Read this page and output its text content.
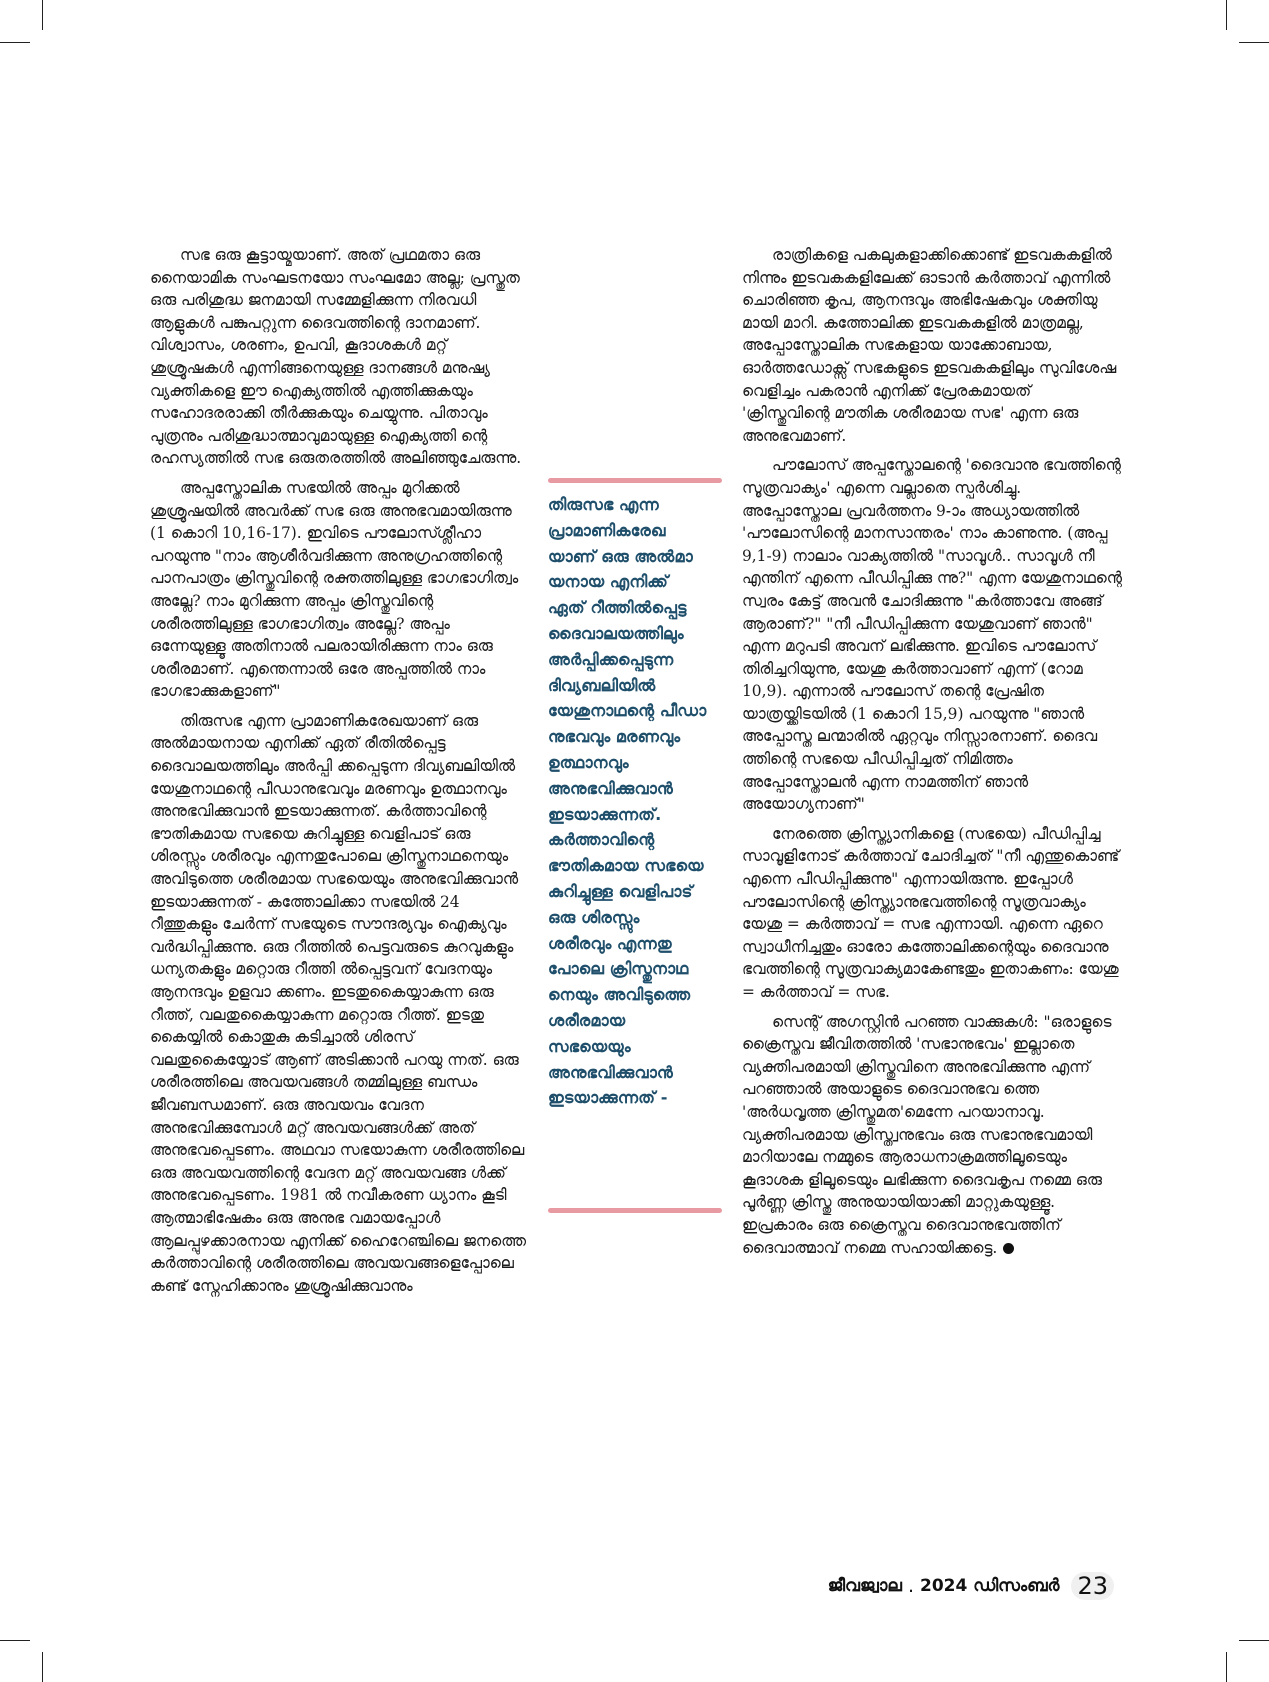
സഭ ഒരു കൂട്ടായ്മയാണ്. അത് പ്രഥമതാ ഒരു നൈയാമിക സംഘടനയോ സംഘമോ അല്ല; പ്രസ്തുത ഒരു പരിശുദ്ധ ജനമായി സമ്മേളിക്കുന്ന നിരവധി ആളുകൾ പങ്കുപറ്റുന്ന ദൈവത്തിന്റെ ദാനമാണ്. വിശ്വാസം, ശരണം, ഉപവി, കൂദാശകൾ മറ്റ് ശുശ്രൂഷകൾ എന്നിങ്ങനെയുള്ള ദാനങ്ങൾ മനുഷ്യ വ്യക്തികളെ ഈ ഐക്യത്തിൽ എത്തിക്കുകയും സഹോദരരാക്കി തീർക്കുകയും ചെയ്യുന്നു. പിതാവും പുത്രനും പരിശുദ്ധാത്മാവുമായുള്ള ഐക്യത്തി ന്റെ രഹസ്യത്തിൽ സഭ ഒരുതരത്തിൽ അലിഞ്ഞുചേരുന്നു.

അപ്പസ്തോലിക സഭയിൽ അപ്പം മുറിക്കൽ ശുശ്രൂഷയിൽ അവർക്ക് സഭ ഒരു അനുഭവമായിരുന്നു (1 കൊറി 10,16-17). ഇവിടെ പൗലോസ്ശ്ലീഹാ പറയുന്നു "നാം ആശീർവദിക്കുന്ന അനുഗ്രഹത്തിന്റെ പാനപാത്രം ക്രിസ്തുവിന്റെ രക്തത്തിലുള്ള ഭാഗഭാഗിത്വം അല്ലേ? നാം മുറിക്കുന്ന അപ്പം ക്രിസ്തുവിന്റെ ശരീരത്തിലുള്ള ഭാഗഭാഗിത്വം അല്ലേ? അപ്പം ഒന്നേയുള്ളൂ അതിനാൽ പലരായിരിക്കുന്ന നാം ഒരു ശരീരമാണ്. എന്തെന്നാൽ ഒരേ അപ്പത്തിൽ നാം ഭാഗഭാക്കുകളാണ്"

തിരുസഭ എന്ന പ്രാമാണികരേഖയാണ് ഒരു അൽമായനായ എനിക്ക് ഏത് രീതിൽപ്പെട്ട ദൈവാലയത്തിലും അർപ്പി ക്കപ്പെടുന്ന ദിവ്യബലിയിൽ യേശുനാഥന്റെ പീഡാനുഭവവും മരണവും ഉത്ഥാനവും അനുഭവിക്കുവാൻ ഇടയാക്കുന്നത്. കർത്താവിന്റെ ഭൗതികമായ സഭയെ കുറിച്ചുള്ള വെളിപാട് ഒരു ശിരസ്സും ശരീരവും എന്നതുപോലെ ക്രിസ്തുനാഥനെയും അവിടുത്തെ ശരീരമായ സഭയെയും അനുഭവിക്കുവാൻ ഇടയാക്കുന്നത് - കത്തോലിക്കാ സഭയിൽ 24 റീത്തുകളും ചേർന്ന് സഭയുടെ സൗന്ദര്യവും ഐക്യവും വർദ്ധിപ്പിക്കുന്നു. ഒരു റീത്തിൽ പെട്ടവരുടെ കുറവുകളും ധന്യതകളും മറ്റൊരു റീത്തി ൽപ്പെട്ടവന് വേദനയും ആനന്ദവും ഉളവാ ക്കണം. ഇടതുകൈയ്യാകുന്ന ഒരു റീത്ത്, വലതുകൈയ്യാകുന്ന മറ്റൊരു റീത്ത്. ഇടതു കൈയ്യിൽ കൊതുകു കടിച്ചാൽ ശിരസ് വലതുകൈയ്യോട് ആണ് അടിക്കാൻ പറയു ന്നത്. ഒരു ശരീരത്തിലെ അവയവങ്ങൾ തമ്മിലുള്ള ബന്ധം ജീവബന്ധമാണ്. ഒരു അവയവം വേദന അനുഭവിക്കുമ്പോൾ മറ്റ് അവയവങ്ങൾക്ക് അത് അനുഭവപ്പെടണം. അഥവാ സഭയാകുന്ന ശരീരത്തിലെ ഒരു അവയവത്തിന്റെ വേദന മറ്റ് അവയവങ്ങ ൾക്ക് അനുഭവപ്പെടണം. 1981 ൽ നവീകരണ ധ്യാനം കൂടി ആത്മാഭിഷേകം ഒരു അനുഭ വമായപ്പോൾ ആലപ്പുഴക്കാരനായ എനിക്ക് ഹൈറേഞ്ചിലെ ജനത്തെ കർത്താവിന്റെ ശരീരത്തിലെ അവയവങ്ങളെപ്പോലെ കണ്ട് സ്നേഹിക്കാനും ശുശ്രൂഷിക്കുവാനും

തിരുസഭ എന്ന
പ്രാമാണികരേഖ
യാണ് ഒരു അൽമാ
യനായ എനിക്ക്
ഏത് റീത്തിൽപ്പെട്ട
ദൈവാലയത്തിലും
അർപ്പിക്കപ്പെടുന്ന
ദിവ്യബലിയിൽ
യേശുനാഥന്റെ പീഡാ
നുഭവവും മരണവും
ഉത്ഥാനവും
അനുഭവിക്കുവാൻ
ഇടയാക്കുന്നത്.
കർത്താവിന്റെ
ഭൗതികമായ സഭയെ
കുറിച്ചുള്ള വെളിപാട്
ഒരു ശിരസ്സും
ശരീരവും എന്നതു
പോലെ ക്രിസ്തുനാഥ
നെയും അവിടുത്തെ
ശരീരമായ
സഭയെയും
അനുഭവിക്കുവാൻ
ഇടയാക്കുന്നത് -

രാത്രികളെ പകലുകളാക്കിക്കൊണ്ട് ഇടവകകളിൽ നിന്നും ഇടവകകളിലേക്ക് ഓടാൻ കർത്താവ് എന്നിൽ ചൊരിഞ്ഞ കൃപ, ആനന്ദവും അഭിഷേകവും ശക്തിയു മായി മാറി. കത്തോലിക്ക ഇടവകകളിൽ മാത്രമല്ല, അപ്പോസ്തോലിക സഭകളായ യാക്കോബായ, ഓർത്തഡോക്സ് സഭകളുടെ ഇടവകകളിലും സുവിശേഷ വെളിച്ചം പകരാൻ എനിക്ക് പ്രേരകമായത് 'ക്രിസ്തുവിന്റെ മൗതിക ശരീരമായ സഭ' എന്ന ഒരു അനുഭവമാണ്.

പൗലോസ് അപ്പസ്തോലന്റെ 'ദൈവാനു ഭവത്തിന്റെ സൂത്രവാക്യം' എന്നെ വല്ലാതെ സ്പർശിച്ചു. അപ്പോസ്തോല പ്രവർത്തനം 9-ാം അധ്യായത്തിൽ 'പൗലോസിന്റെ മാനസാന്തരം' നാം കാണുന്നു. (അപ്പ 9,1-9) നാലാം വാക്യത്തിൽ "സാവൂൾ.. സാവൂൾ നീ എന്തിന് എന്നെ പീഡിപ്പിക്കു ന്നു?" എന്ന യേശുനാഥന്റെ സ്വരം കേട്ട് അവൻ ചോദിക്കുന്നു "കർത്താവേ അങ്ങ് ആരാണ്?" "നീ പീഡിപ്പിക്കുന്ന യേശുവാണ് ഞാൻ" എന്ന മറുപടി അവന് ലഭിക്കുന്നു. ഇവിടെ പൗലോസ് തിരിച്ചറിയുന്നു, യേശു കർത്താവാണ് എന്ന് (റോമ 10,9). എന്നാൽ പൗലോസ് തന്റെ പ്രേഷിത യാത്രയ്ക്കിടയിൽ (1 കൊറി 15,9) പറയുന്നു "ഞാൻ അപ്പോസ്ത ലന്മാരിൽ ഏറ്റവും നിസ്സാരനാണ്. ദൈവ ത്തിന്റെ സഭയെ പീഡിപ്പിച്ചത് നിമിത്തം അപ്പോസ്തോലൻ എന്ന നാമത്തിന് ഞാൻ അയോഗ്യനാണ്"

നേരത്തെ ക്രിസ്ത്യാനികളെ (സഭയെ) പീഡിപ്പിച്ച സാവൂളിനോട് കർത്താവ് ചോദിച്ചത് "നീ എന്തുകൊണ്ട് എന്നെ പീഡിപ്പിക്കുന്നു" എന്നായിരുന്നു. ഇപ്പോൾ പൗലോസിന്റെ ക്രിസ്ത്യാനുഭവത്തിന്റെ സൂത്രവാക്യം യേശു = കർത്താവ് = സഭ എന്നായി. എന്നെ ഏറെ സ്വാധീനിച്ചതും ഓരോ കത്തോലിക്കന്റെയും ദൈവാനു ഭവത്തിന്റെ സൂത്രവാക്യമാകേണ്ടതും ഇതാകണം: യേശു = കർത്താവ് = സഭ.

സെന്റ് അഗസ്റ്റിൻ പറഞ്ഞ വാക്കുകൾ: "ഒരാളുടെ ക്രൈസ്തവ ജീവിതത്തിൽ 'സഭാനുഭവം' ഇല്ലാതെ വ്യക്തിപരമായി ക്രിസ്തുവിനെ അനുഭവിക്കുന്നു എന്ന് പറഞ്ഞാൽ അയാളുടെ ദൈവാനുഭവ ത്തെ 'അർധവൃത്ത ക്രിസ്തുമത'മെന്നേ പറയാനാവൂ. വ്യക്തിപരമായ ക്രിസ്ത്വനുഭവം ഒരു സഭാനുഭവമായി മാറിയാലേ നമ്മുടെ ആരാധനാക്രമത്തിലൂടെയും കൂദാശക ളിലൂടെയും ലഭിക്കുന്ന ദൈവകൃപ നമ്മെ ഒരു പൂർണ്ണ ക്രിസ്തു അനുയായിയാക്കി മാറ്റുകയുള്ളൂ. ഇപ്രകാരം ഒരു ക്രൈസ്തവ ദൈവാനുഭവത്തിന് ദൈവാത്മാവ് നമ്മെ സഹായിക്കട്ടെ.

ജീവജ്വാല . 2024 ഡിസംബർ 23
